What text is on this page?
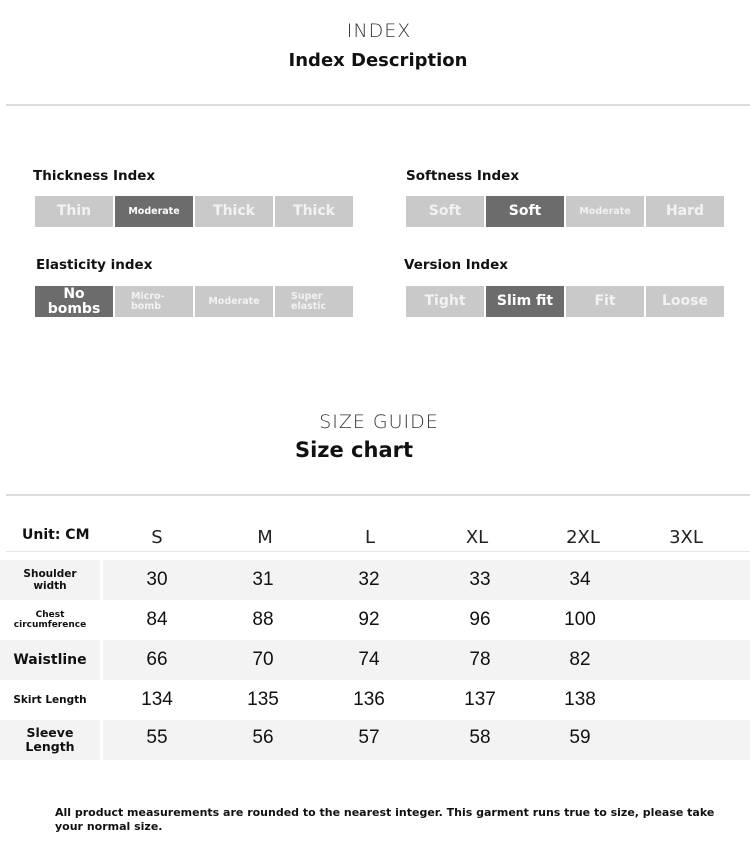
INDEX
Index Description
Thickness Index
Thin	Moderate	Thick	Thick
Softness Index
Soft	Soft	Moderate	Hard
Elasticity index
No bombs
Micro-
bomb	Moderate	Super
elastic
Version Index
Tight	Slim fit	Fit	Loose
SIZE GUIDE
Size chart
Unit: CM	S	M	L	XL	2XL	3XL
Shoulder
width	30	31	32	33	34
Chest
circumference	84	88	92	96	100
Waistline	66	70	74	78	82
Skirt Length	134	135	136	137	138
Sleeve
Length	55	56	57	58	59
All product measurements are rounded to the nearest integer. This garment runs true to size, please take your normal size.
